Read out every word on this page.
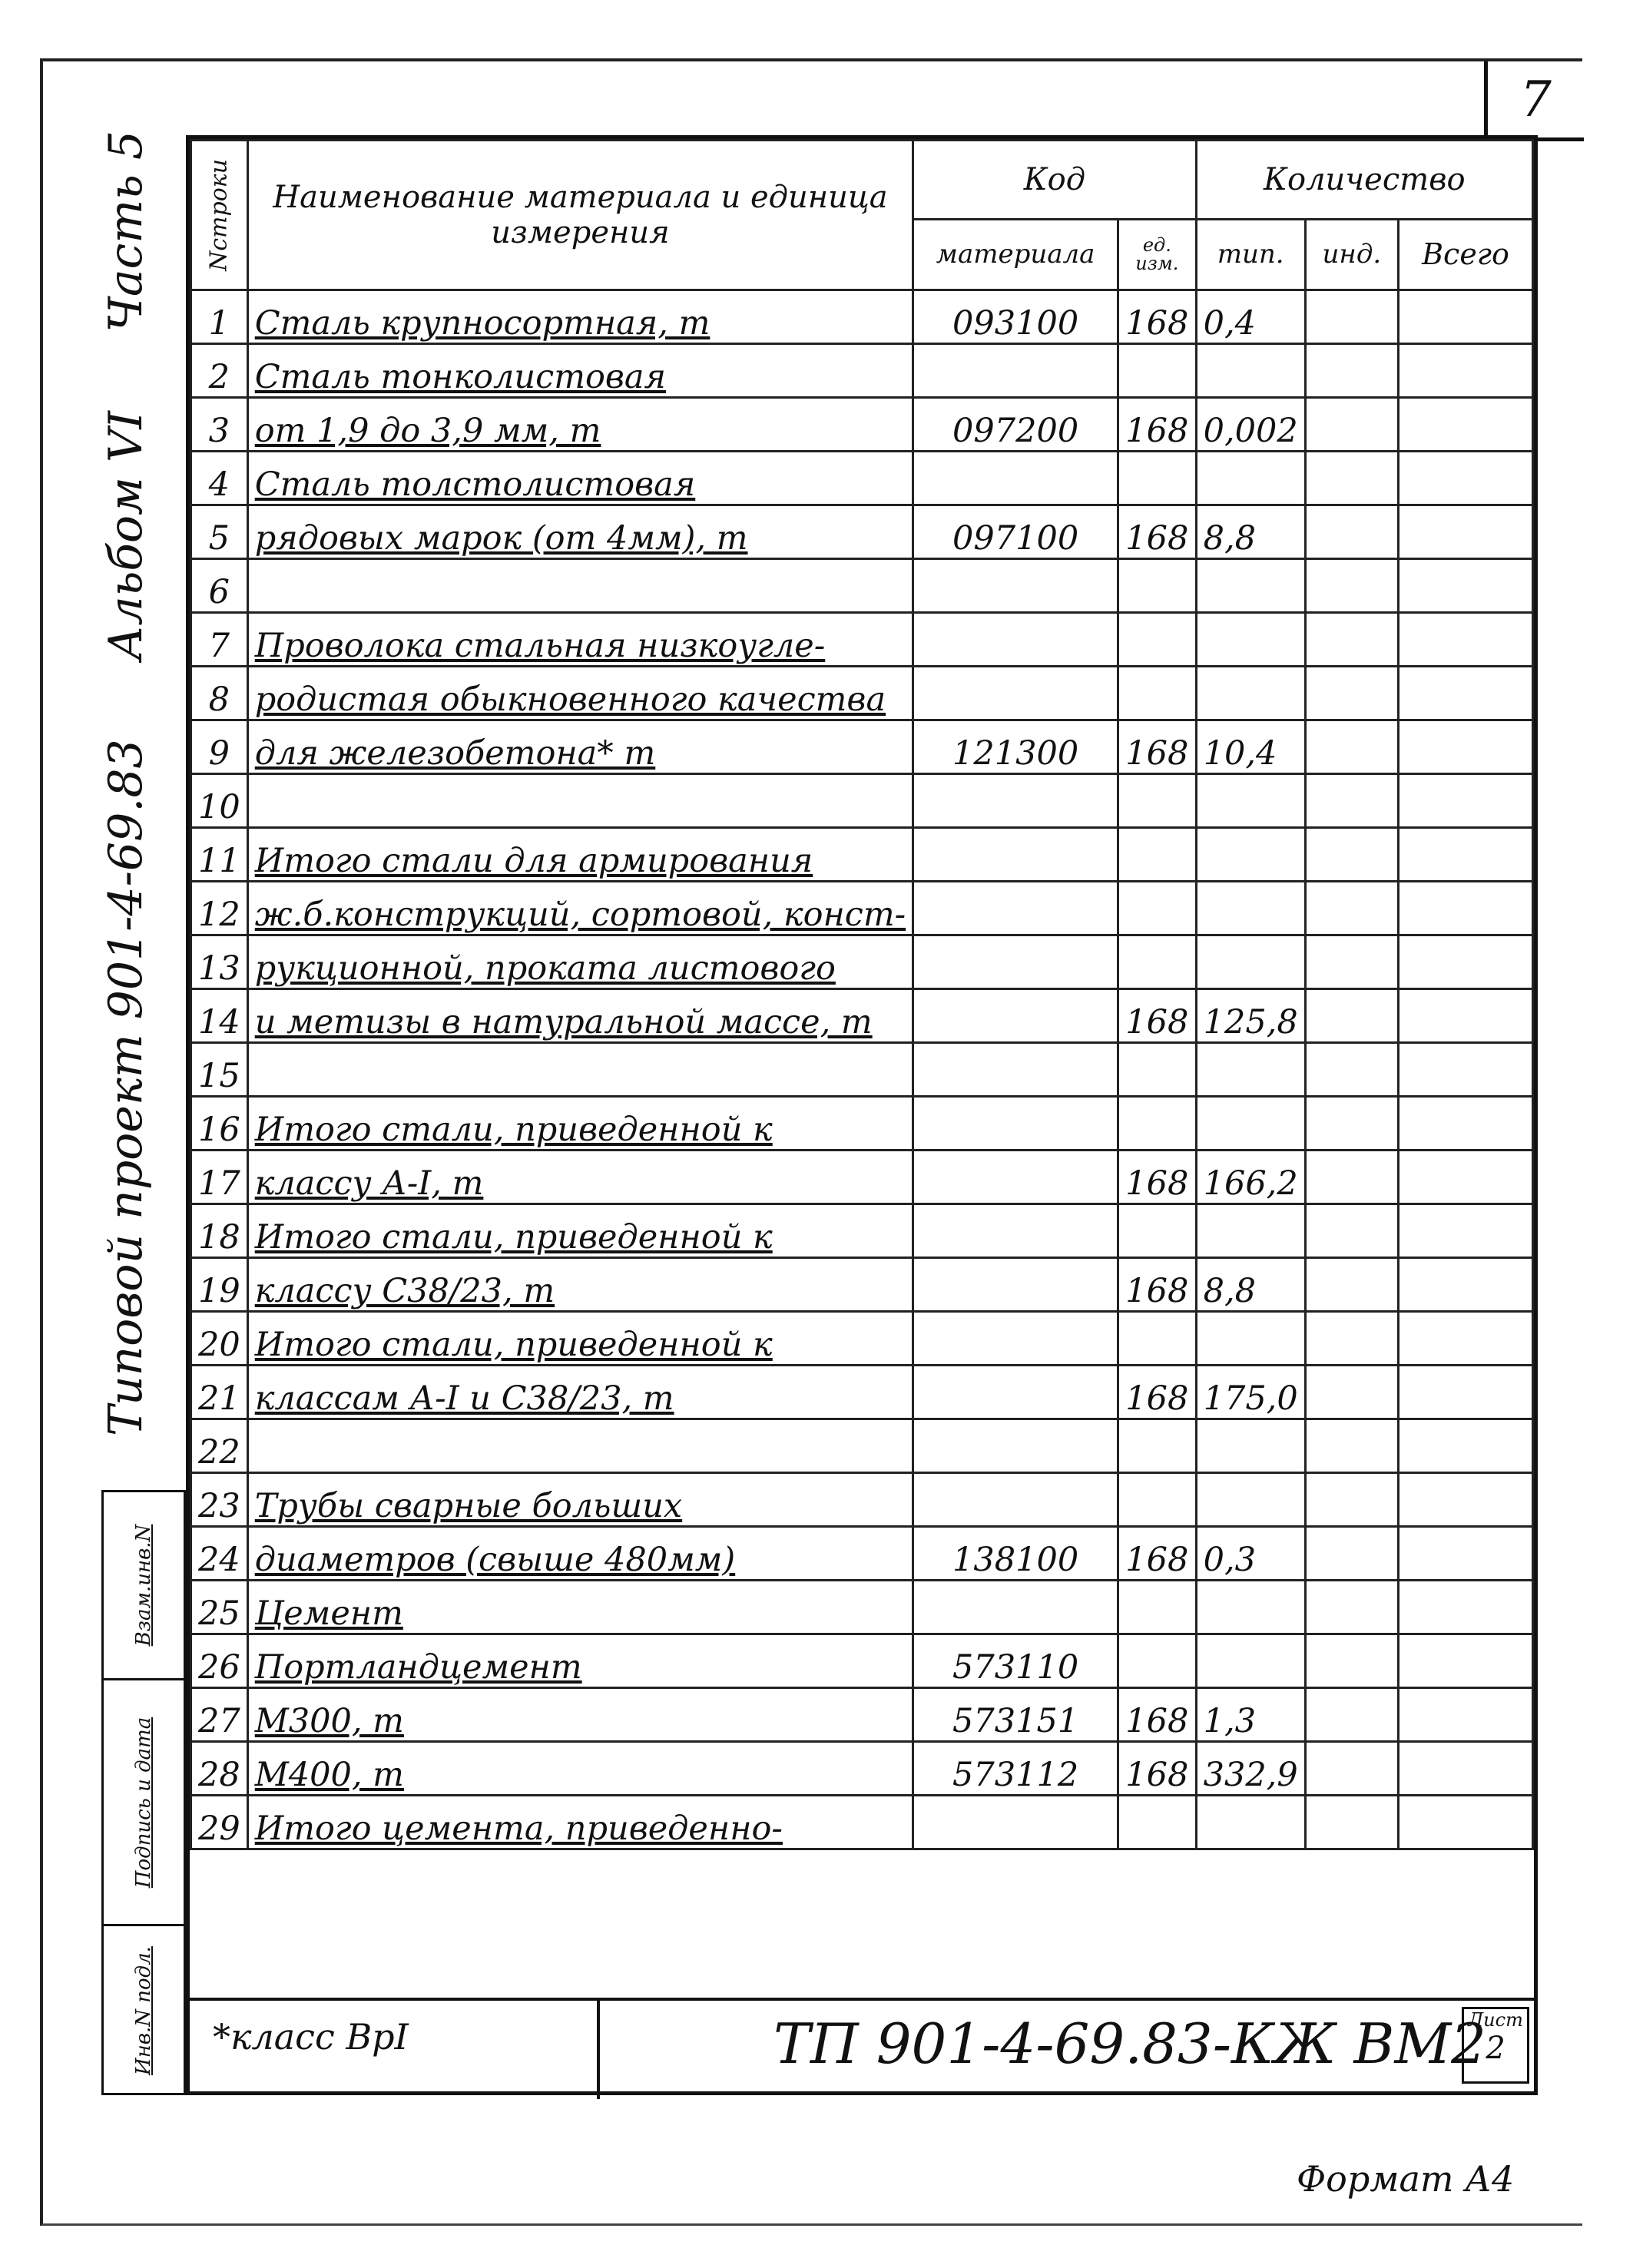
7
Типовой проект 901-4-69.83
Альбом VI
Часть 5
Взам.инв.N
Подпись и дата
Инв.N подл.
Nстроки	Наименование материала и единица измерения	Код		Количество		
		материала	ед. изм.	тип.	инд.	Всего
1	Сталь крупносортная, т	093100	168	0,4		
2	Сталь тонколистовая					
3	от 1,9 до 3,9 мм, т	097200	168	0,002		
4	Сталь толстолистовая					
5	рядовых марок (от 4мм), т	097100	168	8,8		
6						
7	Проволока стальная низкоугле-					
8	родистая обыкновенного качества					
9	для железобетона* т	121300	168	10,4		
10						
11	Итого стали для армирования					
12	ж.б.конструкций, сортовой, конст-					
13	рукционной, проката листового					
14	и метизы в натуральной массе, т		168	125,8		
15						
16	Итого стали, приведенной к					
17	классу А-I, т		168	166,2		
18	Итого стали, приведенной к					
19	классу С38/23, т		168	8,8		
20	Итого стали, приведенной к					
21	классам А-I и С38/23, т		168	175,0		
22						
23	Трубы сварные больших					
24	диаметров (свыше 480мм)	138100	168	0,3		
25	Цемент					
26	Портландцемент	573110				
27	М300, т	573151	168	1,3		
28	М400, т	573112	168	332,9		
29	Итого цемента, приведенно-					
*класс ВрI	ТП 901-4-69.83-КЖ ВМ2
Лист
2
Формат А4
